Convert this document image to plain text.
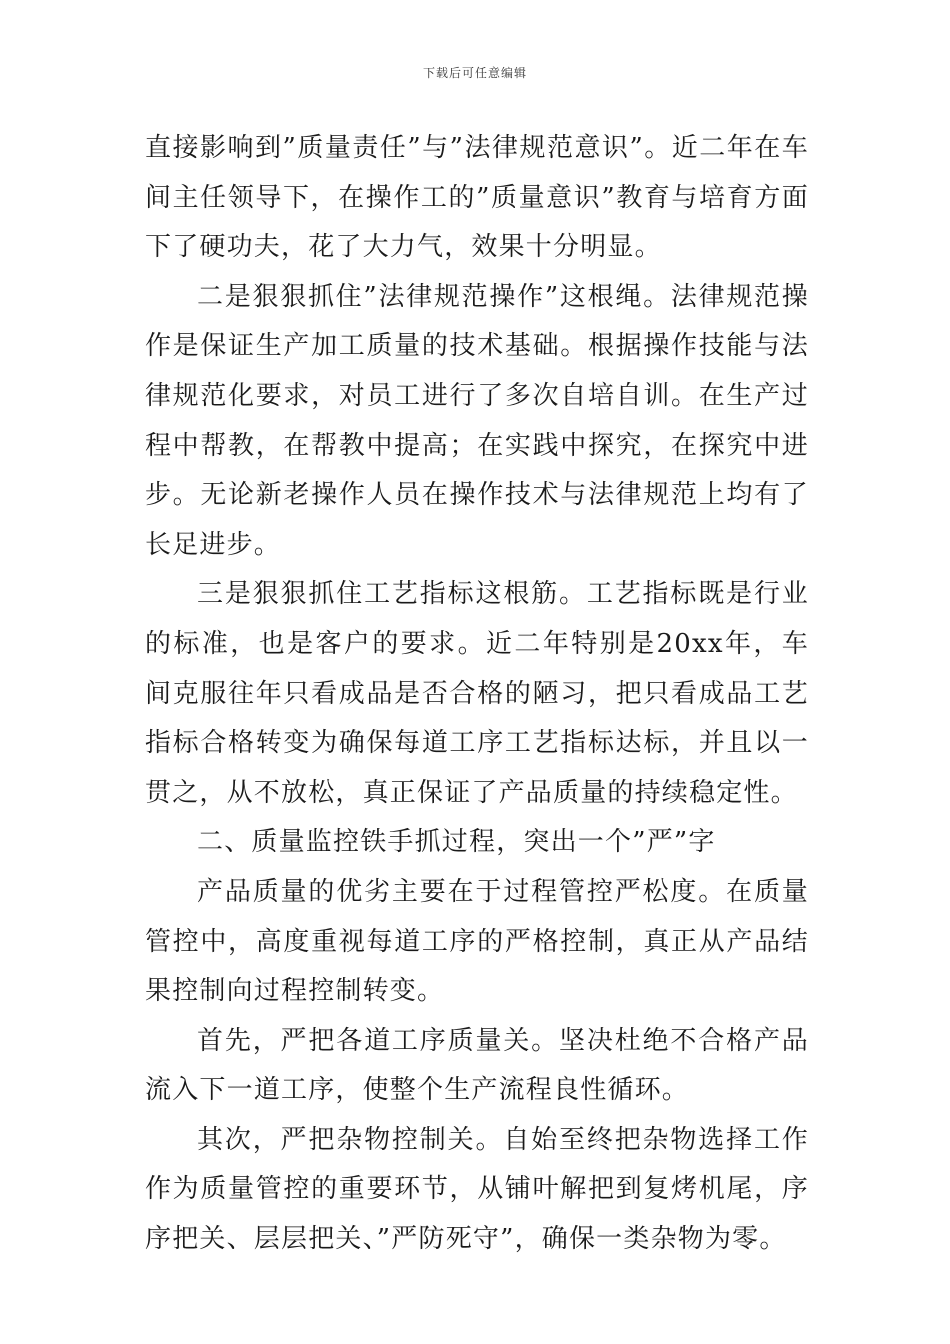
下载后可任意编辑

直接影响到”质量责任”与”法律规范意识”。近二年在车间主任领导下，在操作工的”质量意识”教育与培育方面下了硬功夫，花了大力气，效果十分明显。

二是狠狠抓住”法律规范操作”这根绳。法律规范操作是保证生产加工质量的技术基础。根据操作技能与法律规范化要求，对员工进行了多次自培自训。在生产过程中帮教，在帮教中提高；在实践中探究，在探究中进步。无论新老操作人员在操作技术与法律规范上均有了长足进步。

三是狠狠抓住工艺指标这根筋。工艺指标既是行业的标准，也是客户的要求。近二年特别是20xx年，车间克服往年只看成品是否合格的陋习，把只看成品工艺指标合格转变为确保每道工序工艺指标达标，并且以一贯之，从不放松，真正保证了产品质量的持续稳定性。

二、质量监控铁手抓过程，突出一个”严”字

产品质量的优劣主要在于过程管控严松度。在质量管控中，高度重视每道工序的严格控制，真正从产品结果控制向过程控制转变。

首先，严把各道工序质量关。坚决杜绝不合格产品流入下一道工序，使整个生产流程良性循环。

其次，严把杂物控制关。自始至终把杂物选择工作作为质量管控的重要环节，从铺叶解把到复烤机尾，序序把关、层层把关、”严防死守”，确保一类杂物为零。
